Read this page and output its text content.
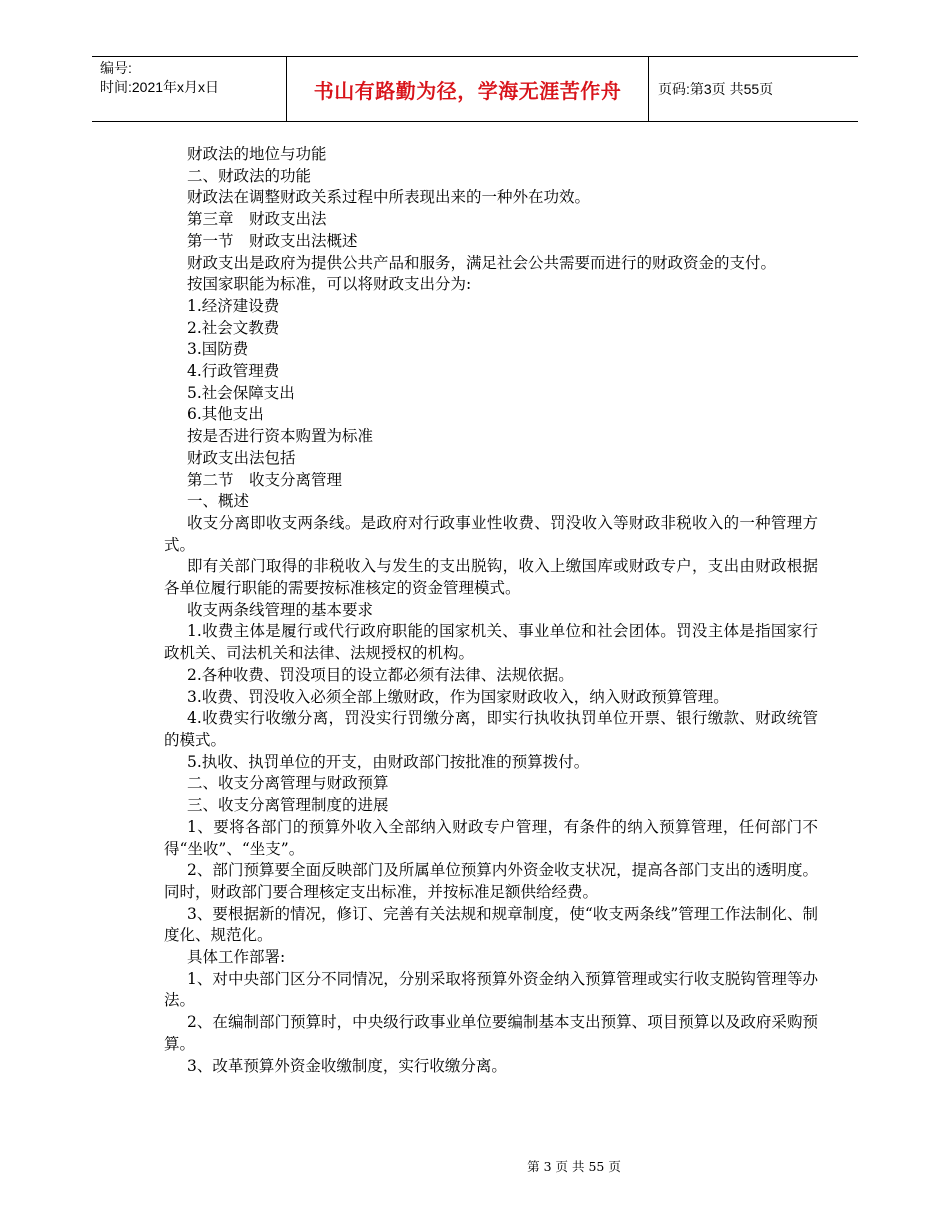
编号:
时间:2021年x月x日	书山有路勤为径，学海无涯苦作舟	页码:第3页 共55页

财政法的地位与功能

二、财政法的功能

财政法在调整财政关系过程中所表现出来的一种外在功效。

第三章　财政支出法

第一节　财政支出法概述

财政支出是政府为提供公共产品和服务，满足社会公共需要而进行的财政资金的支付。

按国家职能为标准，可以将财政支出分为:

1.经济建设费

2.社会文教费

3.国防费

4.行政管理费

5.社会保障支出

6.其他支出

按是否进行资本购置为标准

财政支出法包括

第二节　收支分离管理

一、概述

收支分离即收支两条线。是政府对行政事业性收费、罚没收入等财政非税收入的一种管理方式。

即有关部门取得的非税收入与发生的支出脱钩，收入上缴国库或财政专户，支出由财政根据各单位履行职能的需要按标准核定的资金管理模式。

收支两条线管理的基本要求

1.收费主体是履行或代行政府职能的国家机关、事业单位和社会团体。罚没主体是指国家行政机关、司法机关和法律、法规授权的机构。

2.各种收费、罚没项目的设立都必须有法律、法规依据。

3.收费、罚没收入必须全部上缴财政，作为国家财政收入，纳入财政预算管理。

4.收费实行收缴分离，罚没实行罚缴分离，即实行执收执罚单位开票、银行缴款、财政统管的模式。

5.执收、执罚单位的开支，由财政部门按批准的预算拨付。

二、收支分离管理与财政预算

三、收支分离管理制度的进展

1、要将各部门的预算外收入全部纳入财政专户管理，有条件的纳入预算管理，任何部门不得“坐收”、“坐支”。

2、部门预算要全面反映部门及所属单位预算内外资金收支状况，提高各部门支出的透明度。同时，财政部门要合理核定支出标准，并按标准足额供给经费。

3、要根据新的情况，修订、完善有关法规和规章制度，使“收支两条线”管理工作法制化、制度化、规范化。

具体工作部署:

1、对中央部门区分不同情况，分别采取将预算外资金纳入预算管理或实行收支脱钩管理等办法。

2、在编制部门预算时，中央级行政事业单位要编制基本支出预算、项目预算以及政府采购预算。

3、改革预算外资金收缴制度，实行收缴分离。

第 3 页 共 55 页
